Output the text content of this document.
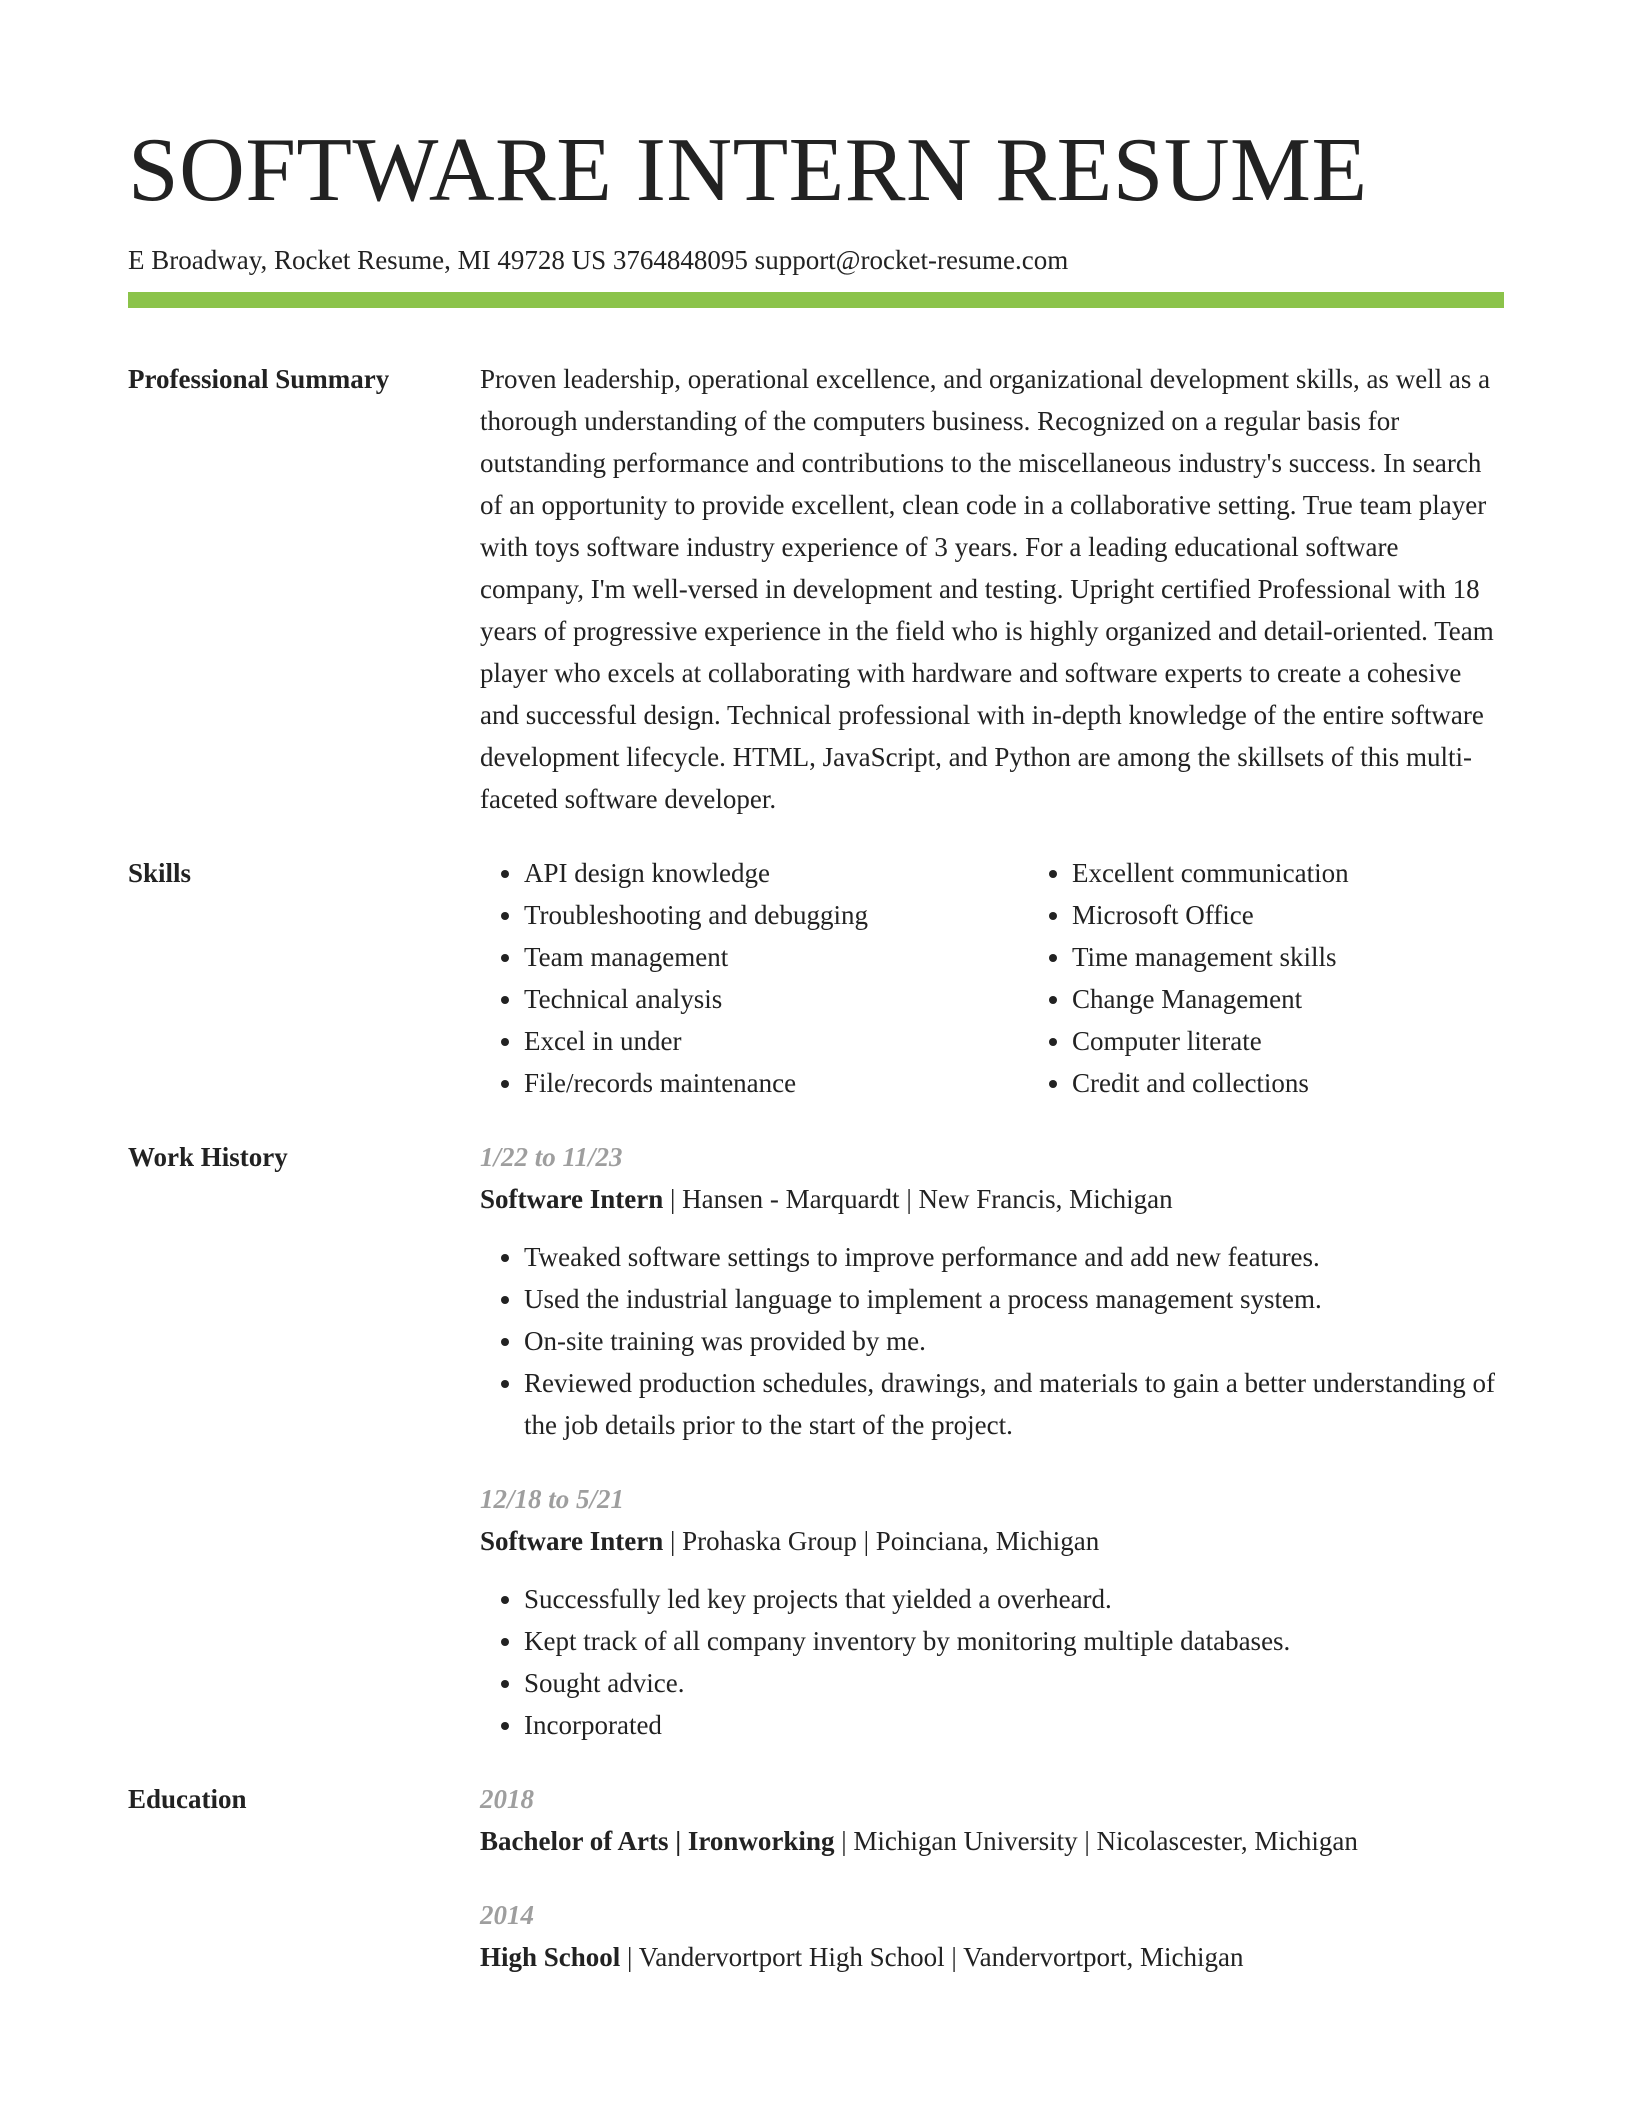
SOFTWARE INTERN RESUME
E Broadway, Rocket Resume, MI 49728 US 3764848095 support@rocket-resume.com
Professional Summary	Proven leadership, operational excellence, and organizational development skills, as well as a thorough understanding of the computers business. Recognized on a regular basis for outstanding performance and contributions to the miscellaneous industry's success. In search of an opportunity to provide excellent, clean code in a collaborative setting. True team player with toys software industry experience of 3 years. For a leading educational software company, I'm well-versed in development and testing. Upright certified Professional with 18 years of progressive experience in the field who is highly organized and detail-oriented. Team player who excels at collaborating with hardware and software experts to create a cohesive and successful design. Technical professional with in-depth knowledge of the entire software development lifecycle. HTML, JavaScript, and Python are among the skillsets of this multi-faceted software developer.
Skills
•	API design knowledge
• Troubleshooting and debugging
• Team management
• Technical analysis
• Excel in under
• File/records maintenance
• Excellent communication
• Microsoft Office
• Time management skills
• Change Management
• Computer literate
• Credit and collections
Work History	1/22 to 11/23
Software Intern | Hansen - Marquardt | New Francis, Michigan
• Tweaked software settings to improve performance and add new features.
• Used the industrial language to implement a process management system.
• On-site training was provided by me.
• Reviewed production schedules, drawings, and materials to gain a better understanding of the job details prior to the start of the project.
12/18 to 5/21
Software Intern | Prohaska Group | Poinciana, Michigan
• Successfully led key projects that yielded a overheard.
• Kept track of all company inventory by monitoring multiple databases.
• Sought advice.
• Incorporated
Education	2018
Bachelor of Arts | Ironworking | Michigan University | Nicolascester, Michigan
2014
High School | Vandervortport High School | Vandervortport, Michigan
